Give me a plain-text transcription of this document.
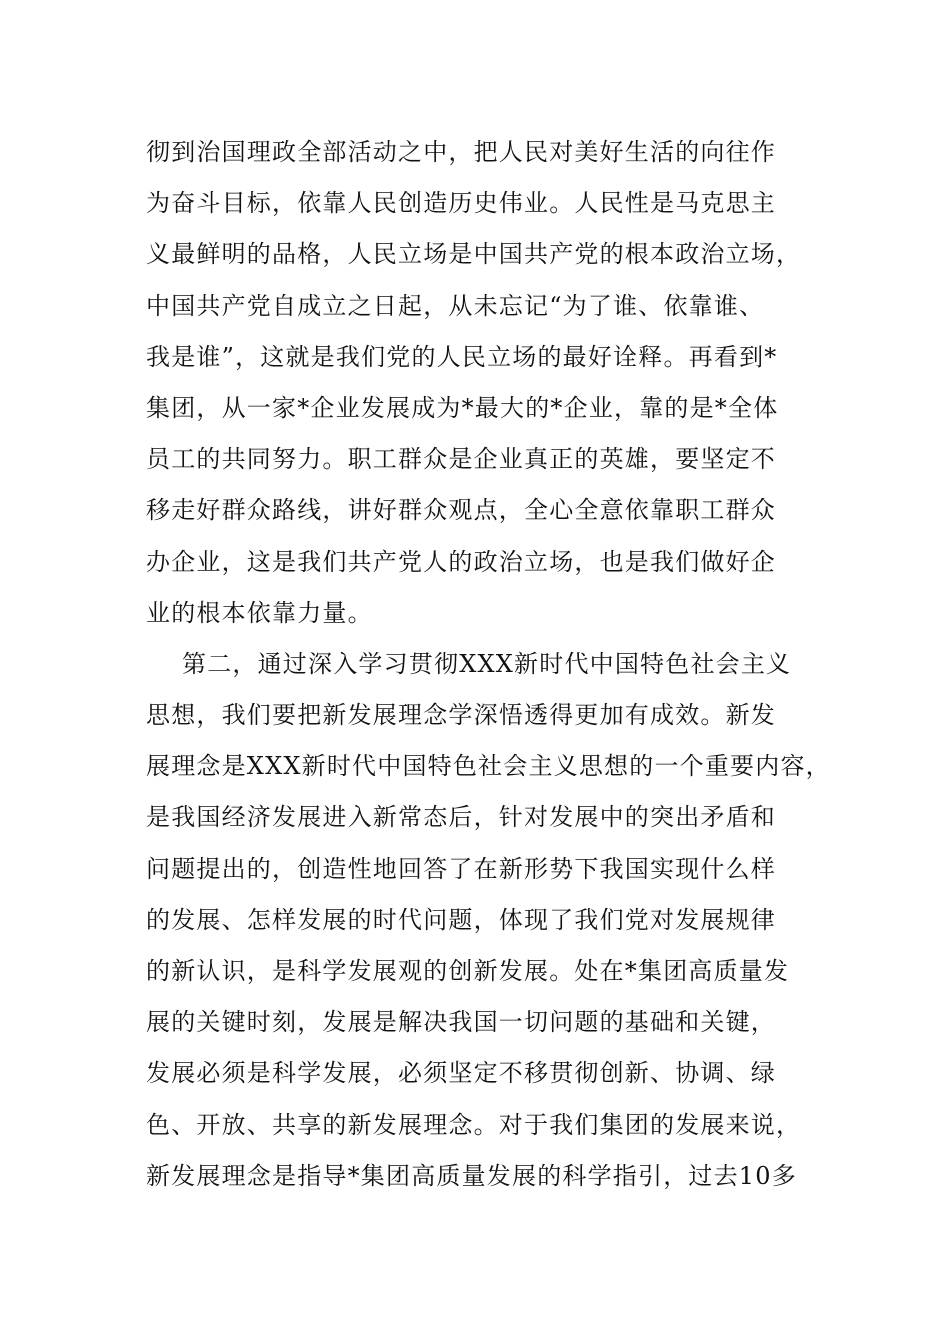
彻到治国理政全部活动之中，把人民对美好生活的向往作
为奋斗目标，依靠人民创造历史伟业。人民性是马克思主
义最鲜明的品格，人民立场是中国共产党的根本政治立场，
中国共产党自成立之日起，从未忘记“为了谁、依靠谁、
我是谁”，这就是我们党的人民立场的最好诠释。再看到*
集团，从一家*企业发展成为*最大的*企业，靠的是*全体
员工的共同努力。职工群众是企业真正的英雄，要坚定不
移走好群众路线，讲好群众观点，全心全意依靠职工群众
办企业，这是我们共产党人的政治立场，也是我们做好企
业的根本依靠力量。
第二，通过深入学习贯彻XXX新时代中国特色社会主义
思想，我们要把新发展理念学深悟透得更加有成效。新发
展理念是XXX新时代中国特色社会主义思想的一个重要内容，
是我国经济发展进入新常态后，针对发展中的突出矛盾和
问题提出的，创造性地回答了在新形势下我国实现什么样
的发展、怎样发展的时代问题，体现了我们党对发展规律
的新认识，是科学发展观的创新发展。处在*集团高质量发
展的关键时刻，发展是解决我国一切问题的基础和关键，
发展必须是科学发展，必须坚定不移贯彻创新、协调、绿
色、开放、共享的新发展理念。对于我们集团的发展来说，
新发展理念是指导*集团高质量发展的科学指引，过去10多
